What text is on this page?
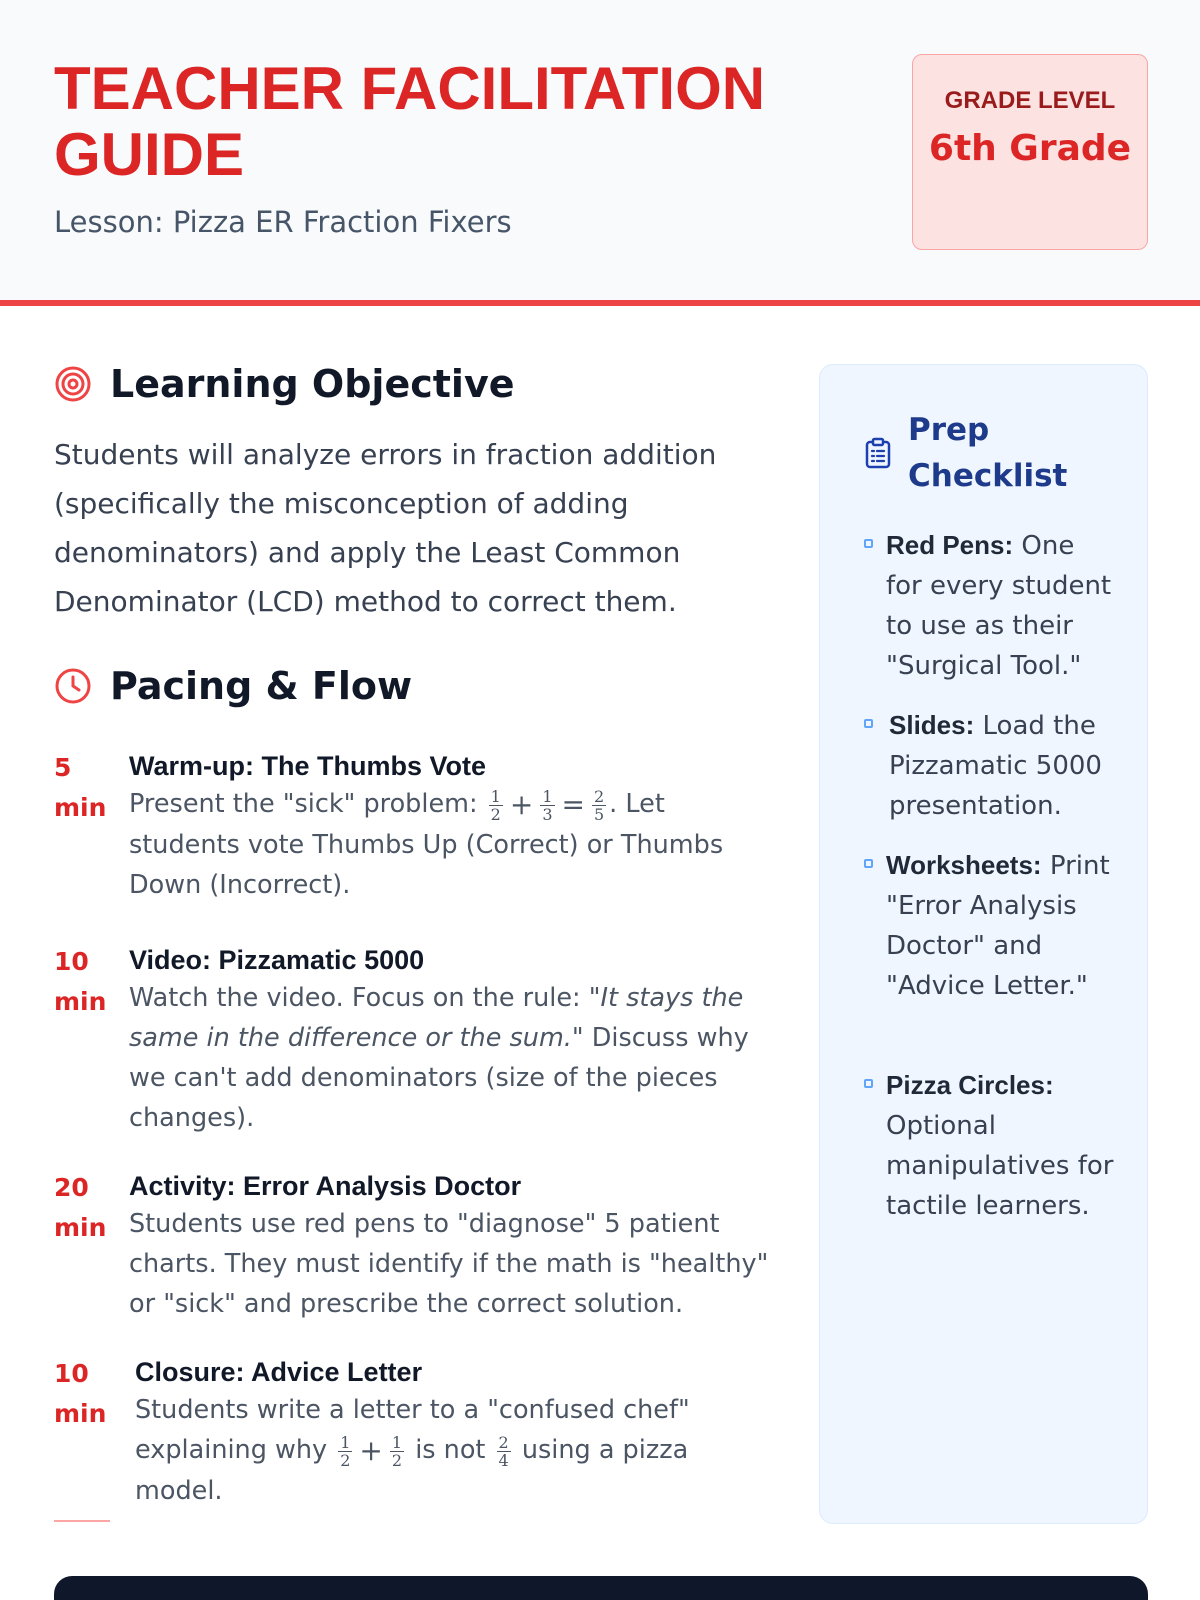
TEACHER FACILITATION GUIDE
Lesson: Pizza ER Fraction Fixers
GRADE LEVEL
6th Grade
Learning Objective

Students will analyze errors in fraction addition (specifically the misconception of adding denominators) and apply the Least Common Denominator (LCD) method to correct them.

Pacing & Flow
5 min
Warm-up: The Thumbs Vote
Present the "sick" problem: $\frac{1}{2} + \frac{1}{3} = \frac{2}{5}$ . Let students vote Thumbs Up (Correct) or Thumbs Down (Incorrect).
10 min
Video: Pizzamatic 5000
Watch the video. Focus on the rule: "It stays the same in the difference or the sum." Discuss why we can't add denominators (size of the pieces changes).
20 min
Activity: Error Analysis Doctor
Students use red pens to "diagnose" 5 patient charts. They must identify if the math is "healthy" or "sick" and prescribe the correct solution.
10 min
Closure: Advice Letter
Students write a letter to a "confused chef" explaining why $\frac{1}{2} + \frac{1}{2}$ is not $\frac{2}{4}$ using a pizza model.
Prep Checklist
Red Pens: One for every student to use as their "Surgical Tool."
Slides: Load the Pizzamatic 5000 presentation.
Worksheets: Print "Error Analysis Doctor" and "Advice Letter."
Pizza Circles: Optional manipulatives for tactile learners.
